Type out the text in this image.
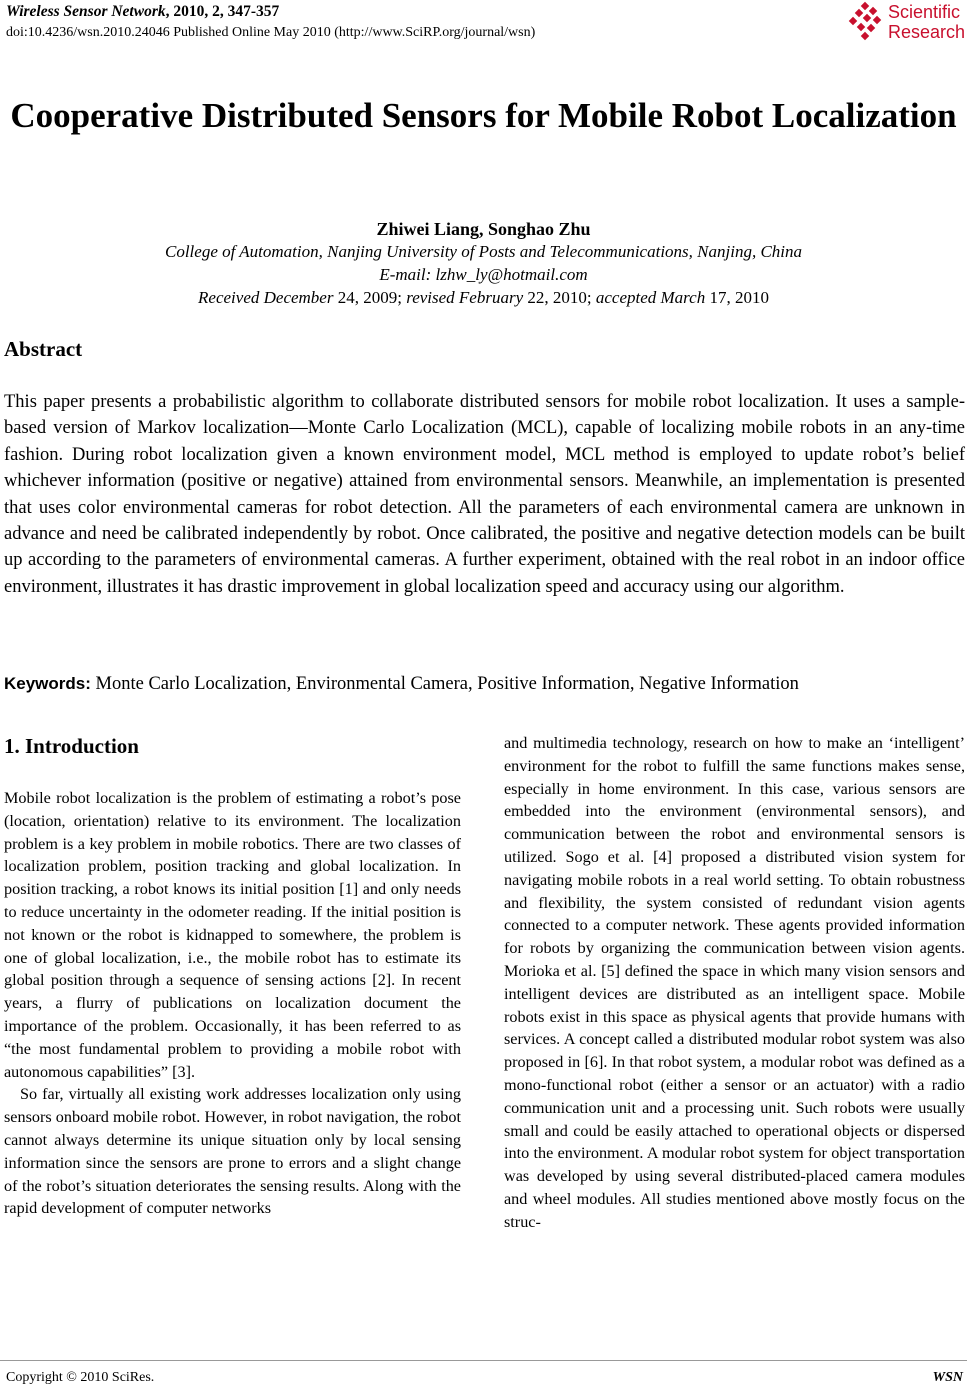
Wireless Sensor Network, 2010, 2, 347-357
doi:10.4236/wsn.2010.24046 Published Online May 2010 (http://www.SciRP.org/journal/wsn)
Scientific
Research
Cooperative Distributed Sensors for Mobile Robot Localization
Zhiwei Liang, Songhao Zhu
College of Automation, Nanjing University of Posts and Telecommunications, Nanjing, China
E-mail: lzhw_ly@hotmail.com
Received December 24, 2009; revised February 22, 2010; accepted March 17, 2010
Abstract

This paper presents a probabilistic algorithm to collaborate distributed sensors for mobile robot localization. It uses a sample-based version of Markov localization—Monte Carlo Localization (MCL), capable of localizing mobile robots in an any-time fashion. During robot localization given a known environment model, MCL method is employed to update robot’s belief whichever information (positive or negative) attained from environmental sensors. Meanwhile, an implementation is presented that uses color environmental cameras for robot detection. All the parameters of each environmental camera are unknown in advance and need be calibrated independently by robot. Once calibrated, the positive and negative detection models can be built up according to the parameters of environmental cameras. A further experiment, obtained with the real robot in an indoor office environment, illustrates it has drastic improvement in global localization speed and accuracy using our algorithm.

Keywords: Monte Carlo Localization, Environmental Camera, Positive Information, Negative Information
1. Introduction

Mobile robot localization is the problem of estimating a robot’s pose (location, orientation) relative to its environment. The localization problem is a key problem in mobile robotics. There are two classes of localization problem, position tracking and global localization. In position tracking, a robot knows its initial position [1] and only needs to reduce uncertainty in the odometer reading. If the initial position is not known or the robot is kidnapped to somewhere, the problem is one of global localization, i.e., the mobile robot has to estimate its global position through a sequence of sensing actions [2]. In recent years, a flurry of publications on localization document the importance of the problem. Occasionally, it has been referred to as “the most fundamental problem to providing a mobile robot with autonomous capabilities” [3].

So far, virtually all existing work addresses localization only using sensors onboard mobile robot. However, in robot navigation, the robot cannot always determine its unique situation only by local sensing information since the sensors are prone to errors and a slight change of the robot’s situation deteriorates the sensing results. Along with the rapid development of computer networks

and multimedia technology, research on how to make an ‘intelligent’ environment for the robot to fulfill the same functions makes sense, especially in home environment. In this case, various sensors are embedded into the environment (environmental sensors), and communication between the robot and environmental sensors is utilized. Sogo et al. [4] proposed a distributed vision system for navigating mobile robots in a real world setting. To obtain robustness and flexibility, the system consisted of redundant vision agents connected to a computer network. These agents provided information for robots by organizing the communication between vision agents. Morioka et al. [5] defined the space in which many vision sensors and intelligent devices are distributed as an intelligent space. Mobile robots exist in this space as physical agents that provide humans with services. A concept called a distributed modular robot system was also proposed in [6]. In that robot system, a modular robot was defined as a mono-functional robot (either a sensor or an actuator) with a radio communication unit and a processing unit. Such robots were usually small and could be easily attached to operational objects or dispersed into the environment. A modular robot system for object transportation was developed by using several distributed-placed camera modules and wheel modules. All studies mentioned above mostly focus on the struc-

Copyright © 2010 SciRes.	WSN
